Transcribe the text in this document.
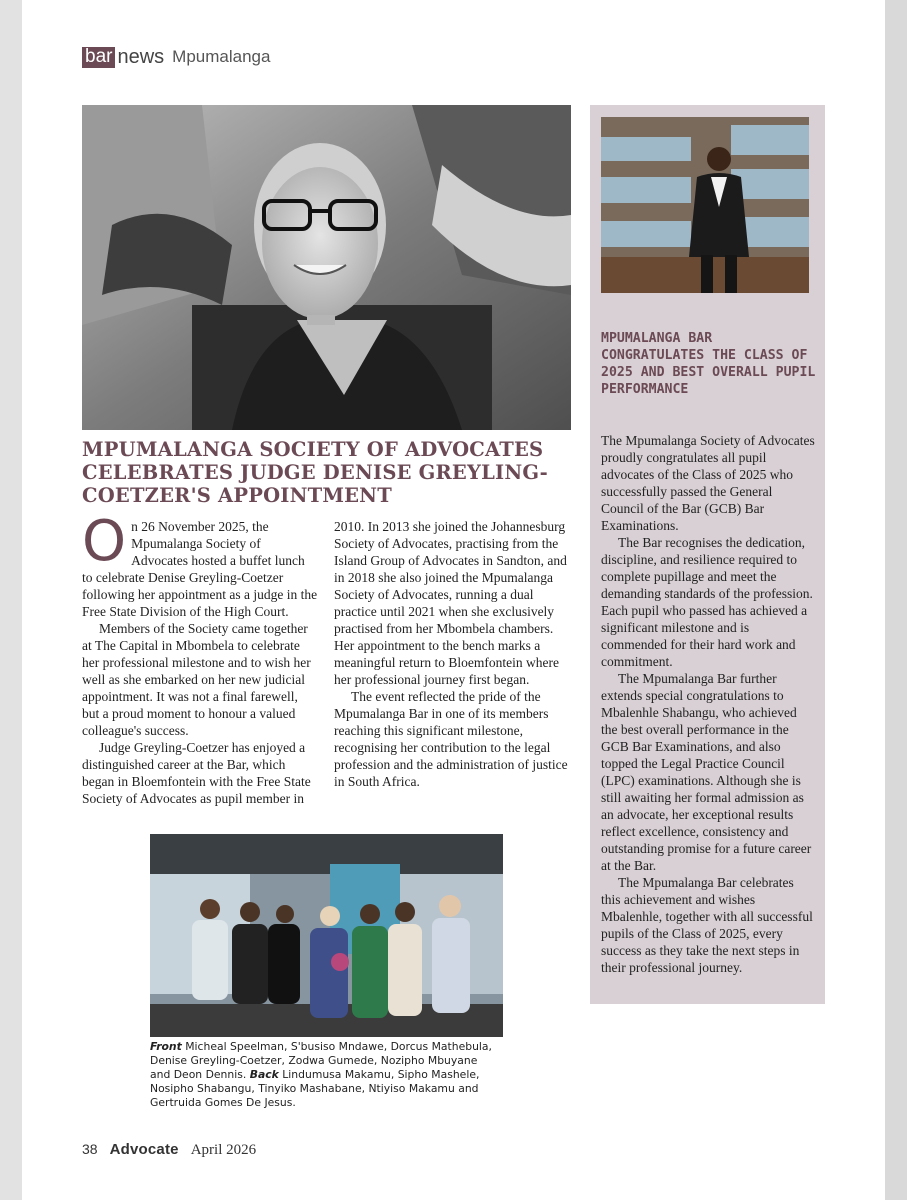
bar news Mpumalanga
MPUMALANGA SOCIETY OF ADVOCATES CELEBRATES JUDGE DENISE GREYLING-COETZER'S APPOINTMENT

On 26 November 2025, the Mpumalanga Society of Advocates hosted a buffet lunch to celebrate Denise Greyling-Coetzer following her appointment as a judge in the Free State Division of the High Court.

Members of the Society came together at The Capital in Mbombela to celebrate her professional milestone and to wish her well as she embarked on her new judicial appointment. It was not a final farewell, but a proud moment to honour a valued colleague's success.

Judge Greyling-Coetzer has enjoyed a distinguished career at the Bar, which began in Bloemfontein with the Free State Society of Advocates as pupil member in

2010. In 2013 she joined the Johannesburg Society of Advocates, practising from the Island Group of Advocates in Sandton, and in 2018 she also joined the Mpumalanga Society of Advocates, running a dual practice until 2021 when she exclusively practised from her Mbombela chambers. Her appointment to the bench marks a meaningful return to Bloemfontein where her professional journey first began.

The event reflected the pride of the Mpumalanga Bar in one of its members reaching this significant milestone, recognising her contribution to the legal profession and the administration of justice in South Africa.

Front Micheal Speelman, S'busiso Mndawe, Dorcus Mathebula, Denise Greyling-Coetzer, Zodwa Gumede, Nozipho Mbuyane and Deon Dennis. Back Lindumusa Makamu, Sipho Mashele, Nosipho Shabangu, Tinyiko Mashabane, Ntiyiso Makamu and Gertruida Gomes De Jesus.
MPUMALANGA BAR CONGRATULATES THE CLASS OF 2025 AND BEST OVERALL PUPIL PERFORMANCE

The Mpumalanga Society of Advocates proudly congratulates all pupil advocates of the Class of 2025 who successfully passed the General Council of the Bar (GCB) Bar Examinations.

The Bar recognises the dedication, discipline, and resilience required to complete pupillage and meet the demanding standards of the profession. Each pupil who passed has achieved a significant milestone and is commended for their hard work and commitment.

The Mpumalanga Bar further extends special congratulations to Mbalenhle Shabangu, who achieved the best overall performance in the GCB Bar Examinations, and also topped the Legal Practice Council (LPC) examinations. Although she is still awaiting her formal admission as an advocate, her exceptional results reflect excellence, consistency and outstanding promise for a future career at the Bar.

The Mpumalanga Bar celebrates this achievement and wishes Mbalenhle, together with all successful pupils of the Class of 2025, every success as they take the next steps in their professional journey.

38 Advocate April 2026
